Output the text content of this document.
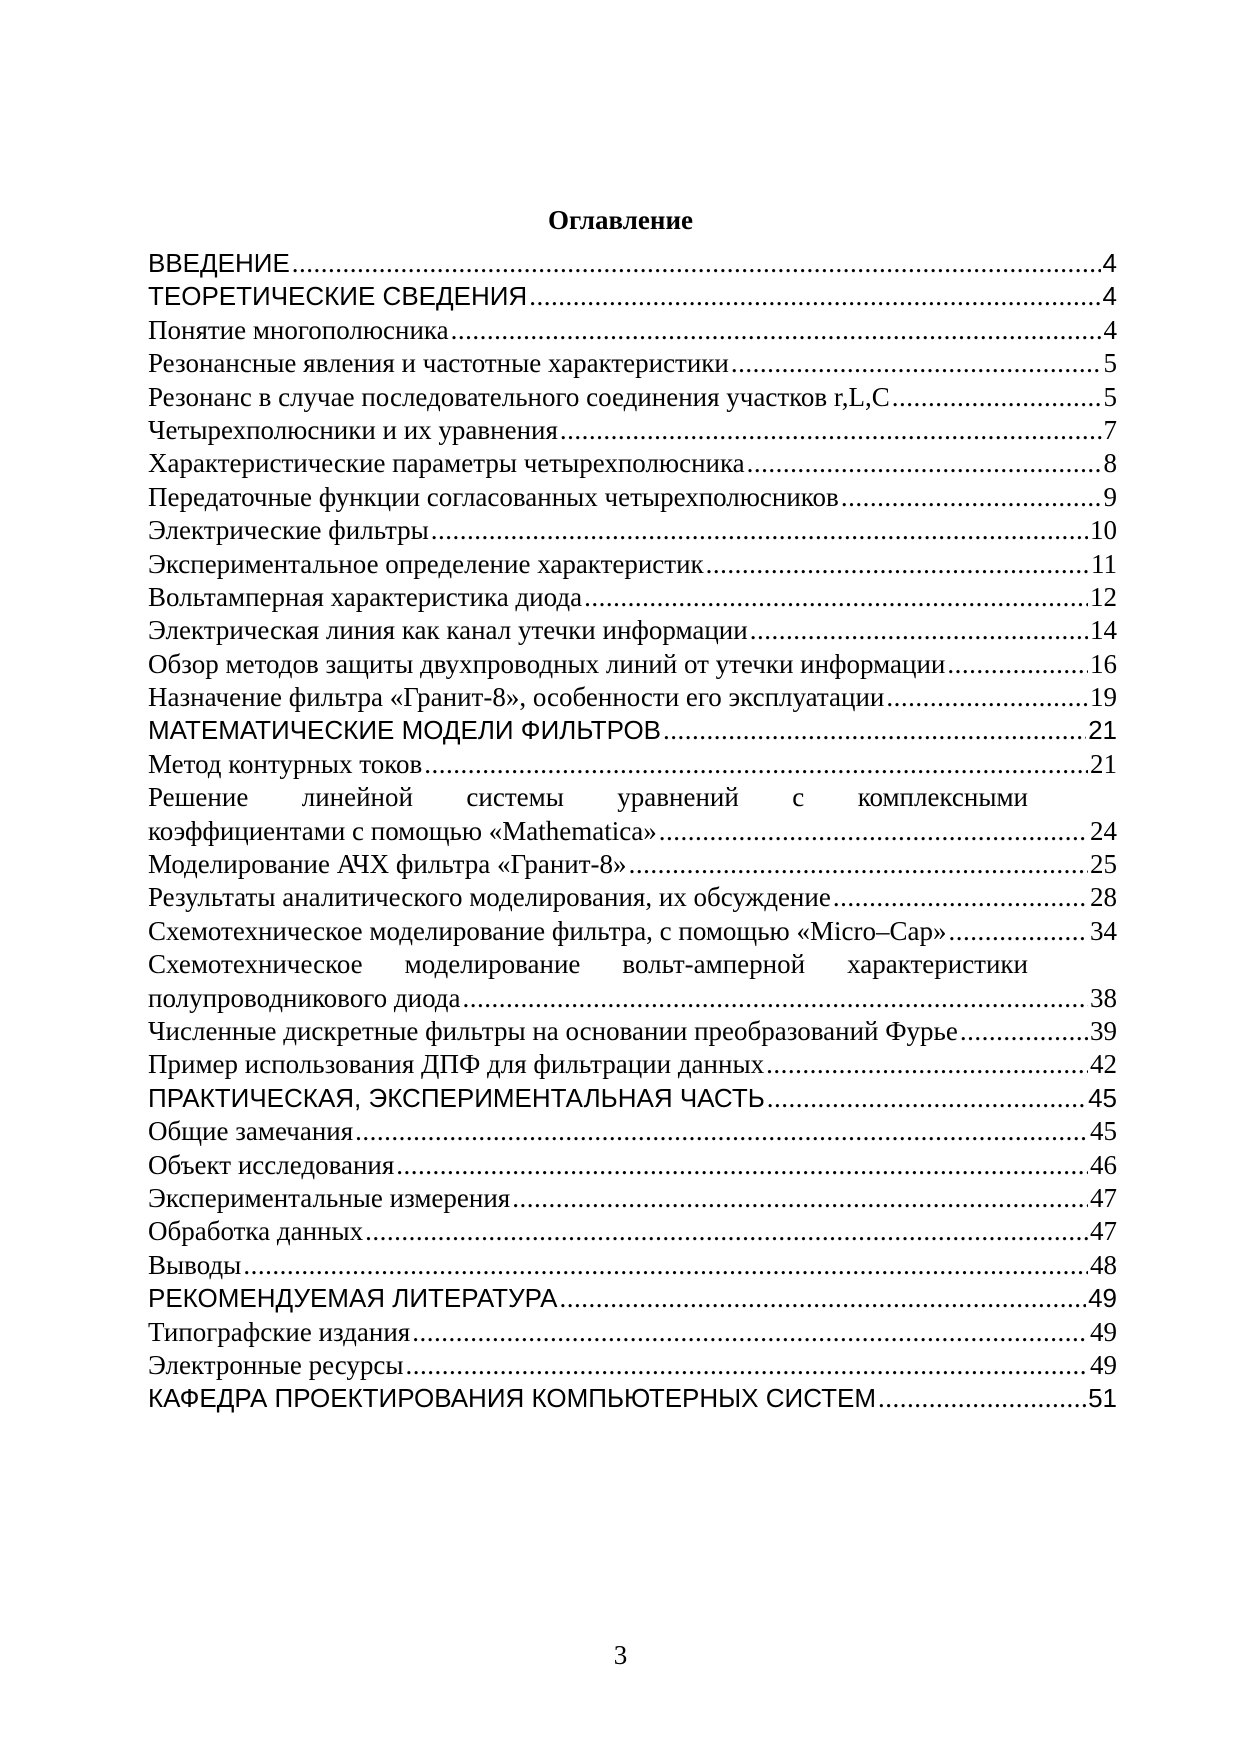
Оглавление
ВВЕДЕНИЕ .....	4
ТЕОРЕТИЧЕСКИЕ СВЕДЕНИЯ .....	4
Понятие многополюсника .....	4
Резонансные явления и частотные характеристики .....	5
Резонанс в случае последовательного соединения участков r,L,C .....	5
Четырехполюсники и их уравнения .....	7
Характеристические параметры четырехполюсника .....	8
Передаточные функции согласованных четырехполюсников .....	9
Электрические фильтры .....	10
Экспериментальное определение характеристик .....	11
Вольтамперная характеристика диода .....	12
Электрическая линия как канал утечки информации .....	14
Обзор методов защиты двухпроводных линий от утечки информации .....	16
Назначение фильтра «Гранит-8», особенности его эксплуатации .....	19
МАТЕМАТИЧЕСКИЕ МОДЕЛИ ФИЛЬТРОВ .....	21
Метод контурных токов .....	21
Решение линейной системы уравнений с комплексными
коэффициентами с помощью «Mathematica» .....	24
Моделирование АЧХ фильтра «Гранит-8» .....	25
Результаты аналитического моделирования, их обсуждение .....	28
Схемотехническое моделирование фильтра, с помощью «Micro–Cap» .....	34
Схемотехническое моделирование вольт-амперной характеристики
полупроводникового диода .....	38
Численные дискретные фильтры на основании преобразований Фурье .....	39
Пример использования ДПФ для фильтрации данных .....	42
ПРАКТИЧЕСКАЯ, ЭКСПЕРИМЕНТАЛЬНАЯ ЧАСТЬ .....	45
Общие замечания .....	45
Объект исследования .....	46
Экспериментальные измерения .....	47
Обработка данных .....	47
Выводы .....	48
РЕКОМЕНДУЕМАЯ ЛИТЕРАТУРА .....	49
Типографские издания .....	49
Электронные ресурсы .....	49
КАФЕДРА ПРОЕКТИРОВАНИЯ КОМПЬЮТЕРНЫХ СИСТЕМ .....	51
3
